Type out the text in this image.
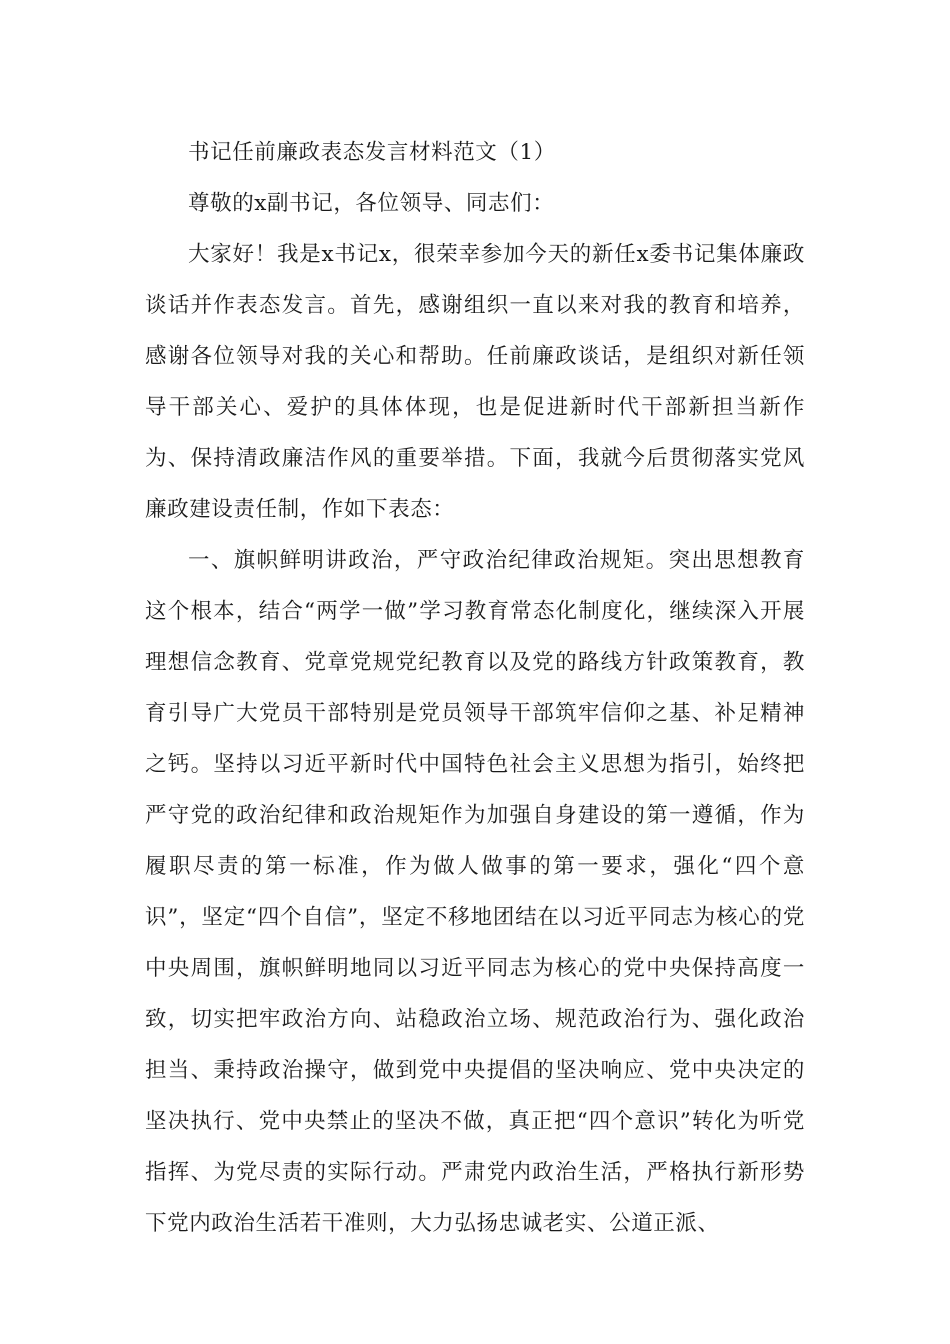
书记任前廉政表态发言材料范文（1）

尊敬的x副书记，各位领导、同志们：

大家好！我是x书记x，很荣幸参加今天的新任x委书记集体廉政谈话并作表态发言。首先，感谢组织一直以来对我的教育和培养，感谢各位领导对我的关心和帮助。任前廉政谈话，是组织对新任领导干部关心、爱护的具体体现，也是促进新时代干部新担当新作为、保持清政廉洁作风的重要举措。下面，我就今后贯彻落实党风廉政建设责任制，作如下表态：

一、旗帜鲜明讲政治，严守政治纪律政治规矩。突出思想教育这个根本，结合“两学一做”学习教育常态化制度化，继续深入开展理想信念教育、党章党规党纪教育以及党的路线方针政策教育，教育引导广大党员干部特别是党员领导干部筑牢信仰之基、补足精神之钙。坚持以习近平新时代中国特色社会主义思想为指引，始终把严守党的政治纪律和政治规矩作为加强自身建设的第一遵循，作为履职尽责的第一标准，作为做人做事的第一要求，强化“四个意识”，坚定“四个自信”，坚定不移地团结在以习近平同志为核心的党中央周围，旗帜鲜明地同以习近平同志为核心的党中央保持高度一致，切实把牢政治方向、站稳政治立场、规范政治行为、强化政治担当、秉持政治操守，做到党中央提倡的坚决响应、党中央决定的坚决执行、党中央禁止的坚决不做，真正把“四个意识”转化为听党指挥、为党尽责的实际行动。严肃党内政治生活，严格执行新形势下党内政治生活若干准则，大力弘扬忠诚老实、公道正派、
